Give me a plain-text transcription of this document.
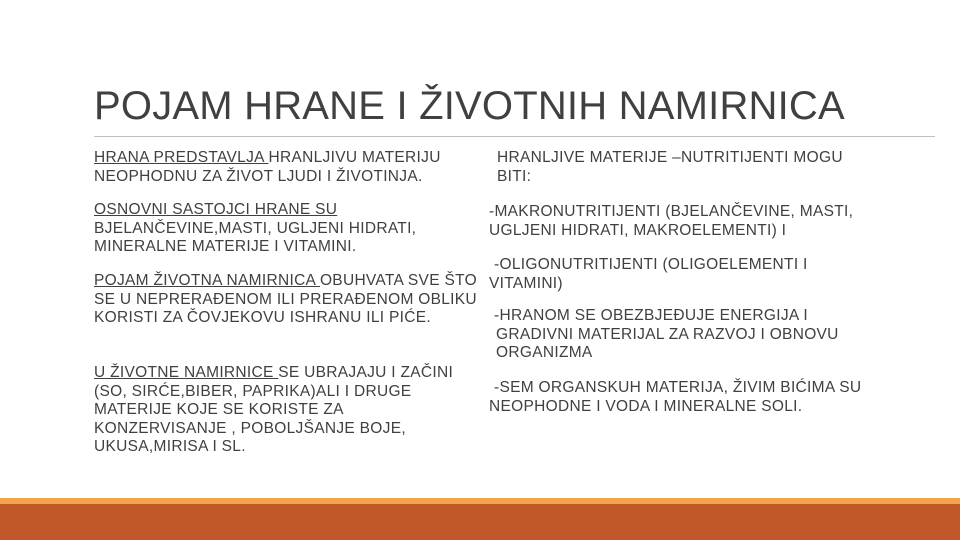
POJAM HRANE I ŽIVOTNIH NAMIRNICA

HRANA PREDSTAVLJA HRANLJIVU MATERIJU NEOPHODNU ZA ŽIVOT LJUDI I ŽIVOTINJA.

OSNOVNI SASTOJCI HRANE SU BJELANČEVINE,MASTI, UGLJENI HIDRATI, MINERALNE MATERIJE I VITAMINI.

POJAM ŽIVOTNA NAMIRNICA OBUHVATA SVE ŠTO SE U NEPRERAĐENOM ILI PRERAĐENOM OBLIKU KORISTI ZA ČOVJEKOVU ISHRANU ILI PIĆE.

U ŽIVOTNE NAMIRNICE SE UBRAJAJU I ZAČINI (SO, SIRĆE,BIBER, PAPRIKA)ALI I DRUGE MATERIJE KOJE SE KORISTE ZA KONZERVISANJE , POBOLJŠANJE BOJE, UKUSA,MIRISA I SL.

HRANLJIVE MATERIJE –NUTRITIJENTI MOGU BITI:
-MAKRONUTRITIJENTI (BJELANČEVINE, MASTI, UGLJENI HIDRATI, MAKROELEMENTI) I
-OLIGONUTRITIJENTI (OLIGOELEMENTI I VITAMINI)
-HRANOM SE OBEZBJEĐUJE ENERGIJA I GRADIVNI MATERIJAL ZA RAZVOJ I OBNOVU ORGANIZMA
-SEM ORGANSKUH MATERIJA, ŽIVIM BIĆIMA SU NEOPHODNE I VODA I MINERALNE SOLI.
